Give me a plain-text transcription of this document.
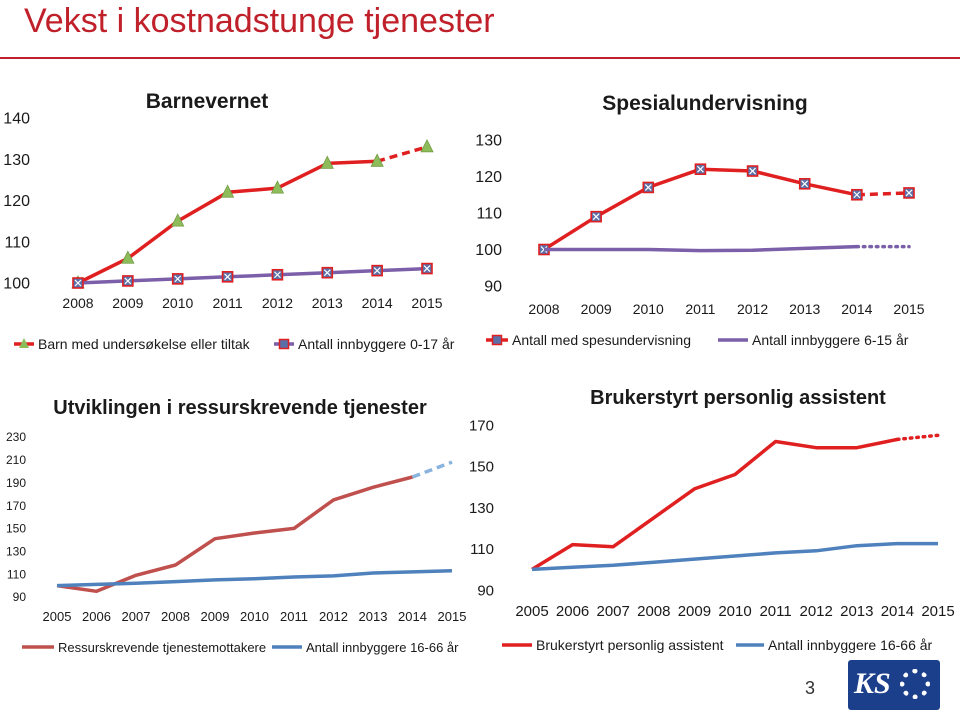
Vekst i kostnadstunge tjenester
Barnevernet
100
110
120
130
140
2008 2009 2010 2011 2012 2013 2014 2015
Barn med undersøkelse eller tiltak	Antall innbyggere 0-17 år
Spesialundervisning
90
100
110
120
130
2008 2009 2010 2011 2012 2013 2014 2015
Antall med spesundervisning	Antall innbyggere 6-15 år
Utviklingen i ressurskrevende tjenester
90
110
130
150
170
190
210
230
2005 2006 2007 2008 2009 2010 2011 2012 2013 2014 2015
Ressurskrevende tjenestemottakere	Antall innbyggere 16-66 år
Brukerstyrt personlig assistent
90
110
130
150
170
2005 2006 2007 2008 2009 2010 2011 2012 2013 2014 2015
Brukerstyrt personlig assistent	Antall innbyggere 16-66 år
3 KS
